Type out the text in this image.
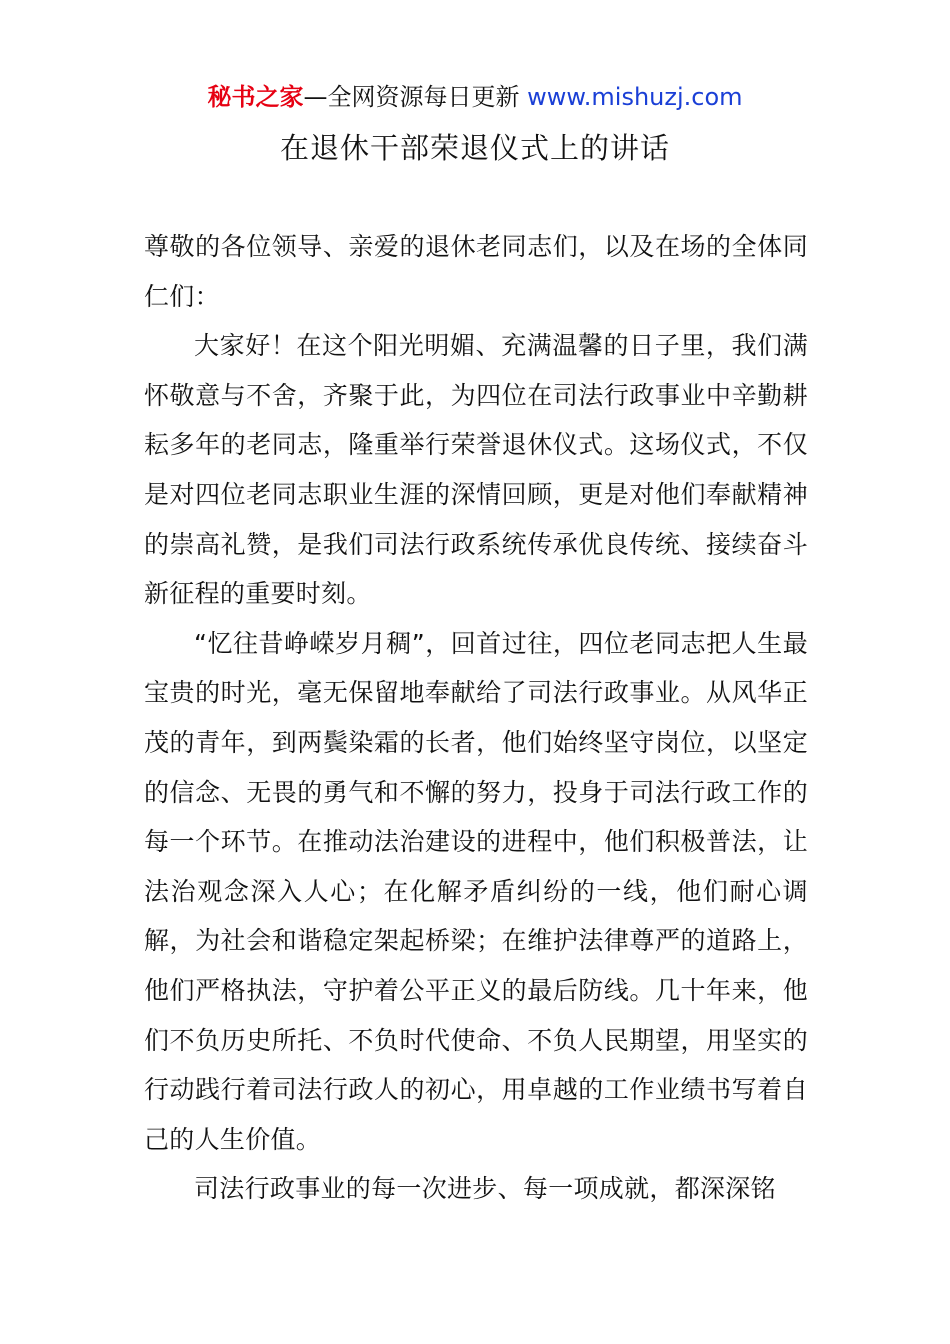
秘书之家—全网资源每日更新 www.mishuzj.com
在退休干部荣退仪式上的讲话

尊敬的各位领导、亲爱的退休老同志们，以及在场的全体同仁们：

大家好！在这个阳光明媚、充满温馨的日子里，我们满怀敬意与不舍，齐聚于此，为四位在司法行政事业中辛勤耕耘多年的老同志，隆重举行荣誉退休仪式。这场仪式，不仅是对四位老同志职业生涯的深情回顾，更是对他们奉献精神的崇高礼赞，是我们司法行政系统传承优良传统、接续奋斗新征程的重要时刻。

“忆往昔峥嵘岁月稠”，回首过往，四位老同志把人生最宝贵的时光，毫无保留地奉献给了司法行政事业。从风华正茂的青年，到两鬓染霜的长者，他们始终坚守岗位，以坚定的信念、无畏的勇气和不懈的努力，投身于司法行政工作的每一个环节。在推动法治建设的进程中，他们积极普法，让法治观念深入人心；在化解矛盾纠纷的一线，他们耐心调解，为社会和谐稳定架起桥梁；在维护法律尊严的道路上，他们严格执法，守护着公平正义的最后防线。几十年来，他们不负历史所托、不负时代使命、不负人民期望，用坚实的行动践行着司法行政人的初心，用卓越的工作业绩书写着自己的人生价值。

司法行政事业的每一次进步、每一项成就，都深深铭
